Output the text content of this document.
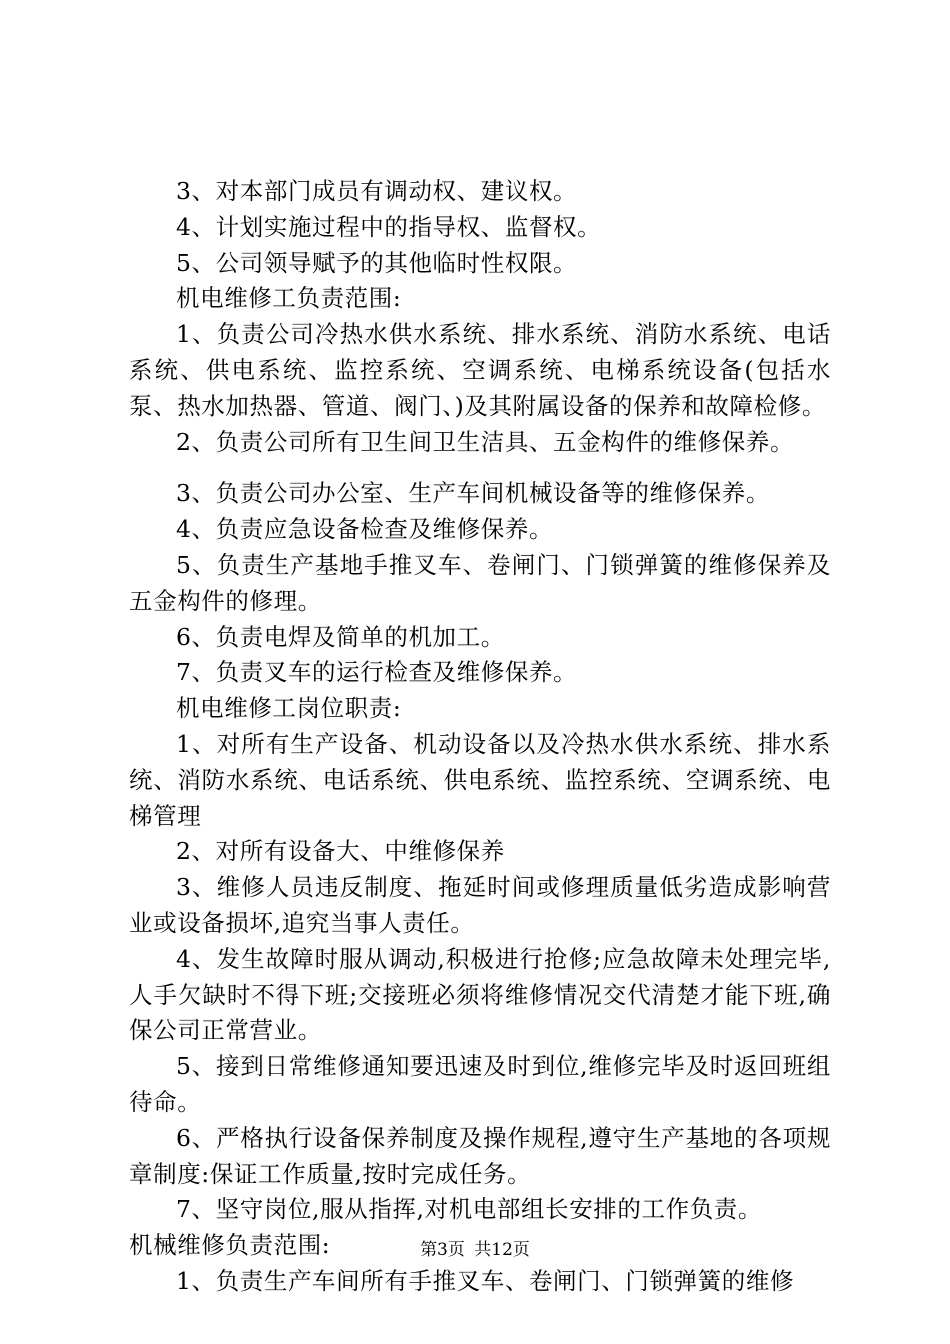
3、对本部门成员有调动权、建议权。

4、计划实施过程中的指导权、监督权。

5、公司领导赋予的其他临时性权限。

机电维修工负责范围:

1、负责公司冷热水供水系统、排水系统、消防水系统、电话系统、供电系统、监控系统、空调系统、电梯系统设备(包括水泵、热水加热器、管道、阀门、)及其附属设备的保养和故障检修。

2、负责公司所有卫生间卫生洁具、五金构件的维修保养。

3、负责公司办公室、生产车间机械设备等的维修保养。

4、负责应急设备检查及维修保养。

5、负责生产基地手推叉车、卷闸门、门锁弹簧的维修保养及五金构件的修理。

6、负责电焊及简单的机加工。

7、负责叉车的运行检查及维修保养。

机电维修工岗位职责:

1、对所有生产设备、机动设备以及冷热水供水系统、排水系统、消防水系统、电话系统、供电系统、监控系统、空调系统、电梯管理

2、对所有设备大、中维修保养

3、维修人员违反制度、拖延时间或修理质量低劣造成影响营业或设备损坏,追究当事人责任。

4、发生故障时服从调动,积极进行抢修;应急故障未处理完毕,人手欠缺时不得下班;交接班必须将维修情况交代清楚才能下班,确保公司正常营业。

5、接到日常维修通知要迅速及时到位,维修完毕及时返回班组待命。

6、严格执行设备保养制度及操作规程,遵守生产基地的各项规章制度:保证工作质量,按时完成任务。

7、坚守岗位,服从指挥,对机电部组长安排的工作负责。

机械维修负责范围:

1、负责生产车间所有手推叉车、卷闸门、门锁弹簧的维修

第3页 共12页
